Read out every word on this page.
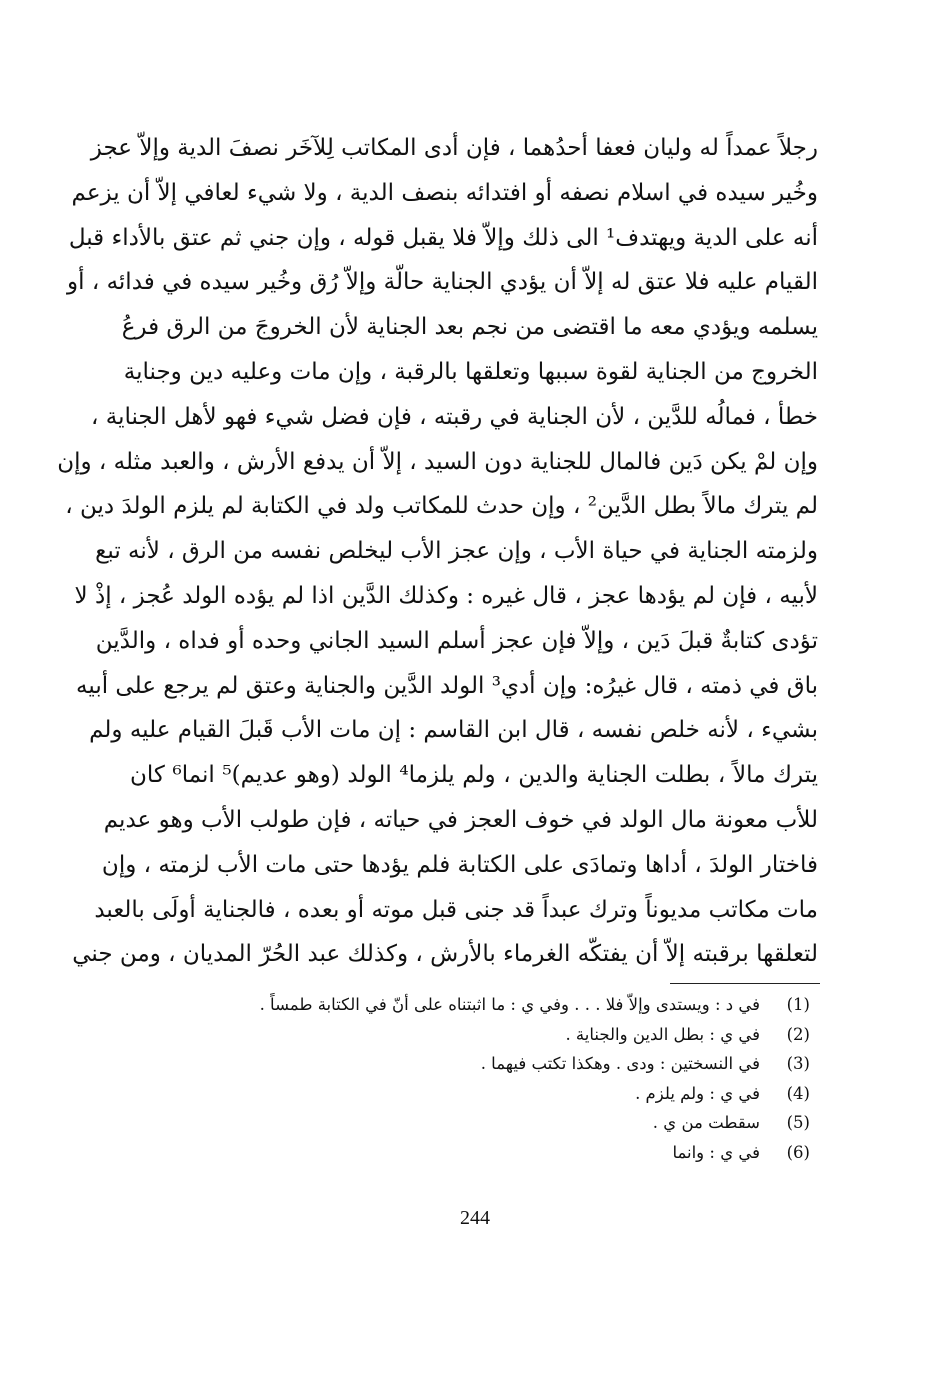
رجلاً عمداً له وليان فعفا أحدُهما ، فإن أدى المكاتب لِلآخَر نصفَ الدية وإلاّ عجز
وخُير سيده في اسلام نصفه أو افتدائه بنصف الدية ، ولا شيء لعافي إلاّ أن يزعم
أنه على الدية ويهتدف¹ الى ذلك وإلاّ فلا يقبل قوله ، وإن جني ثم عتق بالأداء قبل
القيام عليه فلا عتق له إلاّ أن يؤدي الجناية حالّة وإلاّ رُق وخُير سيده في فدائه ، أو
يسلمه ويؤدي معه ما اقتضى من نجم بعد الجناية لأن الخروجَ من الرق فرعُ
الخروج من الجناية لقوة سببها وتعلقها بالرقبة ، وإن مات وعليه دين وجناية
خطأ ، فمالُه للدَّين ، لأن الجناية في رقبته ، فإن فضل شيء فهو لأهل الجناية ،
وإن لمْ يكن دَين فالمال للجناية دون السيد ، إلاّ أن يدفع الأرش ، والعبد مثله ، وإن
لم يترك مالاً بطل الدَّين² ، وإن حدث للمكاتب ولد في الكتابة لم يلزم الولدَ دين ،
ولزمته الجناية في حياة الأب ، وإن عجز الأب ليخلص نفسه من الرق ، لأنه تبع
لأبيه ، فإن لم يؤدها عجز ، قال غيره : وكذلك الدَّين اذا لم يؤده الولد عُجز ، إذْ لا
تؤدى كتابةٌ قبلَ دَين ، وإلاّ فإن عجز أسلم السيد الجاني وحده أو فداه ، والدَّين
باق في ذمته ، قال غيرُه: وإن أدي³ الولد الدَّين والجناية وعتق لم يرجع على أبيه
بشيء ، لأنه خلص نفسه ، قال ابن القاسم : إن مات الأب قَبلَ القيام عليه ولم
يترك مالاً ، بطلت الجناية والدين ، ولم يلزما⁴ الولد (وهو عديم)⁵ انما⁶ كان
للأب معونة مال الولد في خوف العجز في حياته ، فإن طولب الأب وهو عديم
فاختار الولدَ ، أداها وتمادَى على الكتابة فلم يؤدها حتى مات الأب لزمته ، وإن
مات مكاتب مديوناً وترك عبداً قد جنى قبل موته أو بعده ، فالجناية أولَى بالعبد
لتعلقها برقبته إلاّ أن يفتكّه الغرماء بالأرش ، وكذلك عبد الحُرّ المديان ، ومن جني
(1)
في د : ويستدى وإلاّ فلا . . . وفي ي : ما اثبتناه على أنّ في الكتابة طمساً .
(2)
في ي : بطل الدين والجناية .
(3)
في النسختين : ودى . وهكذا تكتب فيهما .
(4)
في ي : ولم يلزم .
(5)
سقطت من ي .
(6)
في ي : وانما
244
